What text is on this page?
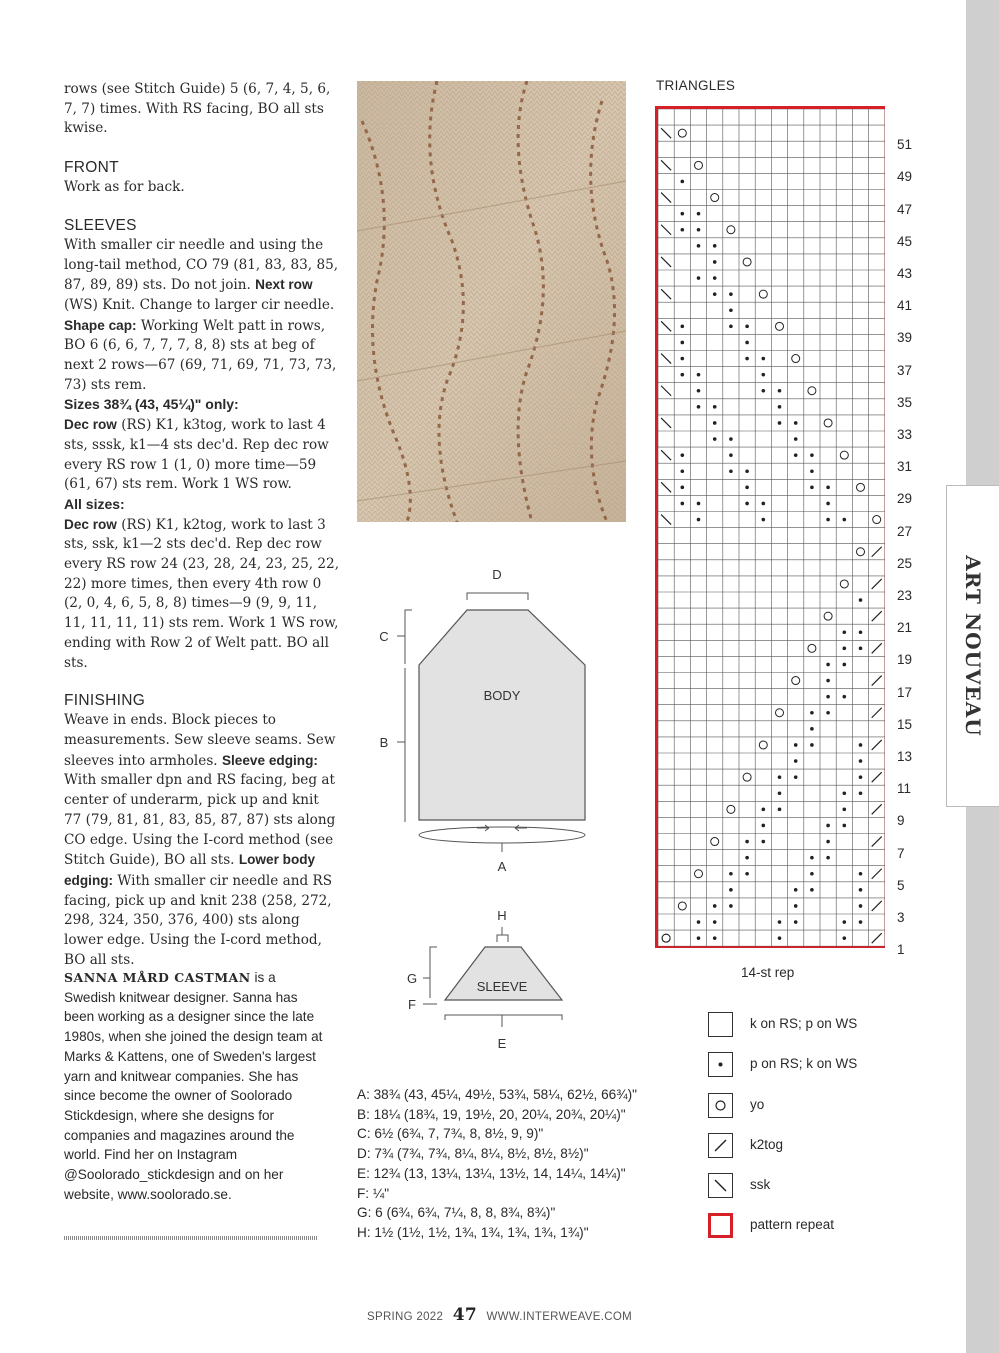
rows (see Stitch Guide) 5 (6, 7, 4, 5, 6, 7, 7) times. With RS facing, BO all sts kwise.

FRONT

Work as for back.

SLEEVES

With smaller cir needle and using the long-tail method, CO 79 (81, 83, 83, 85, 87, 89, 89) sts. Do not join. Next row (WS) Knit. Change to larger cir needle. Shape cap: Working Welt patt in rows, BO 6 (6, 6, 7, 7, 7, 8, 8) sts at beg of next 2 rows—67 (69, 71, 69, 71, 73, 73, 73) sts rem.

Sizes 38¾ (43, 45¼)" only:

Dec row (RS) K1, k3tog, work to last 4 sts, sssk, k1—4 sts dec'd. Rep dec row every RS row 1 (1, 0) more time—59 (61, 67) sts rem. Work 1 WS row.

All sizes:

Dec row (RS) K1, k2tog, work to last 3 sts, ssk, k1—2 sts dec'd. Rep dec row every RS row 24 (23, 28, 24, 23, 25, 22, 22) more times, then every 4th row 0 (2, 0, 4, 6, 5, 8, 8) times—9 (9, 9, 11, 11, 11, 11, 11) sts rem. Work 1 WS row, ending with Row 2 of Welt patt. BO all sts.

FINISHING

Weave in ends. Block pieces to measurements. Sew sleeve seams. Sew sleeves into armholes. Sleeve edging: With smaller dpn and RS facing, beg at center of underarm, pick up and knit 77 (79, 81, 81, 83, 85, 87, 87) sts along CO edge. Using the I-cord method (see Stitch Guide), BO all sts. Lower body edging: With smaller cir needle and RS facing, pick up and knit 238 (258, 272, 298, 324, 350, 376, 400) sts along lower edge. Using the I-cord method, BO all sts.

SANNA MÅRD CASTMAN is a Swedish knitwear designer. Sanna has been working as a designer since the late 1980s, when she joined the design team at Marks & Kattens, one of Sweden's largest yarn and knitwear companies. She has since become the owner of Soolorado Stickdesign, where she designs for companies and magazines around the world. Find her on Instagram @Soolorado_stickdesign and on her website, www.soolorado.se.
D
BODY
C
B
A
H
SLEEVE
G
F
E
A: 38¾ (43, 45¼, 49½, 53¾, 58¼, 62½, 66¾)"
B: 18¼ (18¾, 19, 19½, 20, 20¼, 20¾, 20¼)"
C: 6½ (6¾, 7, 7¾, 8, 8½, 9, 9)"
D: 7¾ (7¾, 7¾, 8¼, 8¼, 8½, 8½, 8½)"
E: 12¾ (13, 13¼, 13¼, 13½, 14, 14¼, 14¼)"
F: ¼"
G: 6 (6¾, 6¾, 7¼, 8, 8, 8¾, 8¾)"
H: 1½ (1½, 1½, 1¾, 1¾, 1¾, 1¾, 1¾)"
TRIANGLES
51
49
47
45
43
41
39
37
35
33
31
29
27
25
23
21
19
17
15
13
11
9
7
5
3
1
14-st rep
k on RS; p on WS
p on RS; k on WS
yo
k2tog
ssk
pattern repeat
ART NOUVEAU
SPRING 2022 47 WWW.INTERWEAVE.COM
